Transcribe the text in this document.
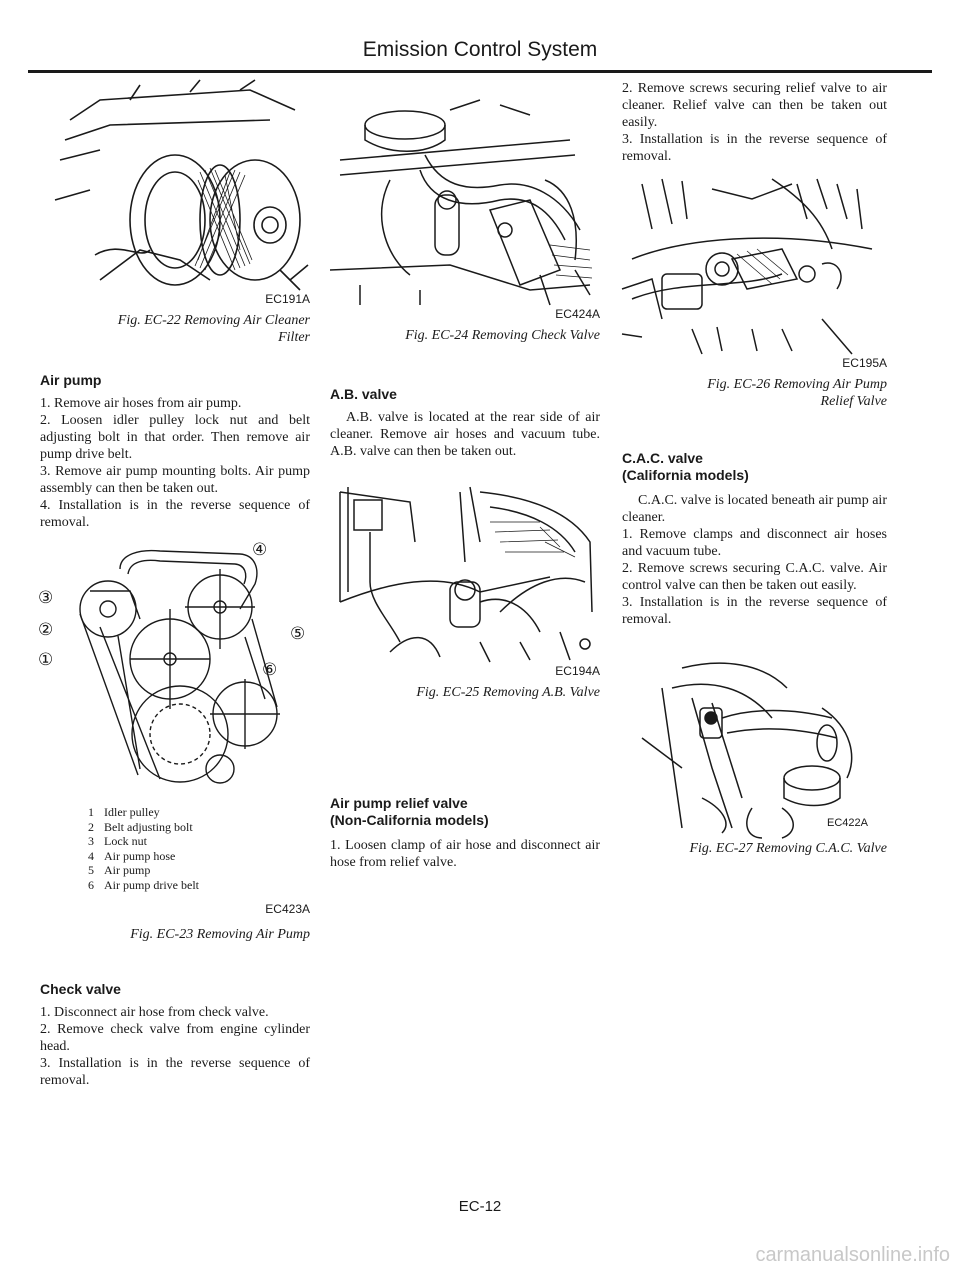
Emission Control System
EC191A
Fig. EC-22 Removing Air Cleaner Filter
Air pump

1. Remove air hoses from air pump.

2. Loosen idler pulley lock nut and belt adjusting bolt in that order. Then remove air pump drive belt.

3. Remove air pump mounting bolts. Air pump assembly can then be taken out.

4. Installation is in the reverse sequence of removal.

④
③
②
①
⑤
⑥
1 Idler pulley
2 Belt adjusting bolt
3 Lock nut
4 Air pump hose
5 Air pump
6 Air pump drive belt
EC423A
Fig. EC-23 Removing Air Pump
Check valve

1. Disconnect air hose from check valve.

2. Remove check valve from engine cylinder head.

3. Installation is in the reverse sequence of removal.

EC424A
Fig. EC-24 Removing Check Valve
A.B. valve

A.B. valve is located at the rear side of air cleaner. Remove air hoses and vacuum tube. A.B. valve can then be taken out.

EC194A
Fig. EC-25 Removing A.B. Valve
Air pump relief valve
(Non-California models)

1. Loosen clamp of air hose and disconnect air hose from relief valve.

2. Remove screws securing relief valve to air cleaner. Relief valve can then be taken out easily.

3. Installation is in the reverse sequence of removal.

EC195A
Fig. EC-26 Removing Air Pump Relief Valve
C.A.C. valve
(California models)

C.A.C. valve is located beneath air pump air cleaner.

1. Remove clamps and disconnect air hoses and vacuum tube.

2. Remove screws securing C.A.C. valve. Air control valve can then be taken out easily.

3. Installation is in the reverse sequence of removal.

EC422A
Fig. EC-27 Removing C.A.C. Valve
EC-12
carmanualsonline.info
